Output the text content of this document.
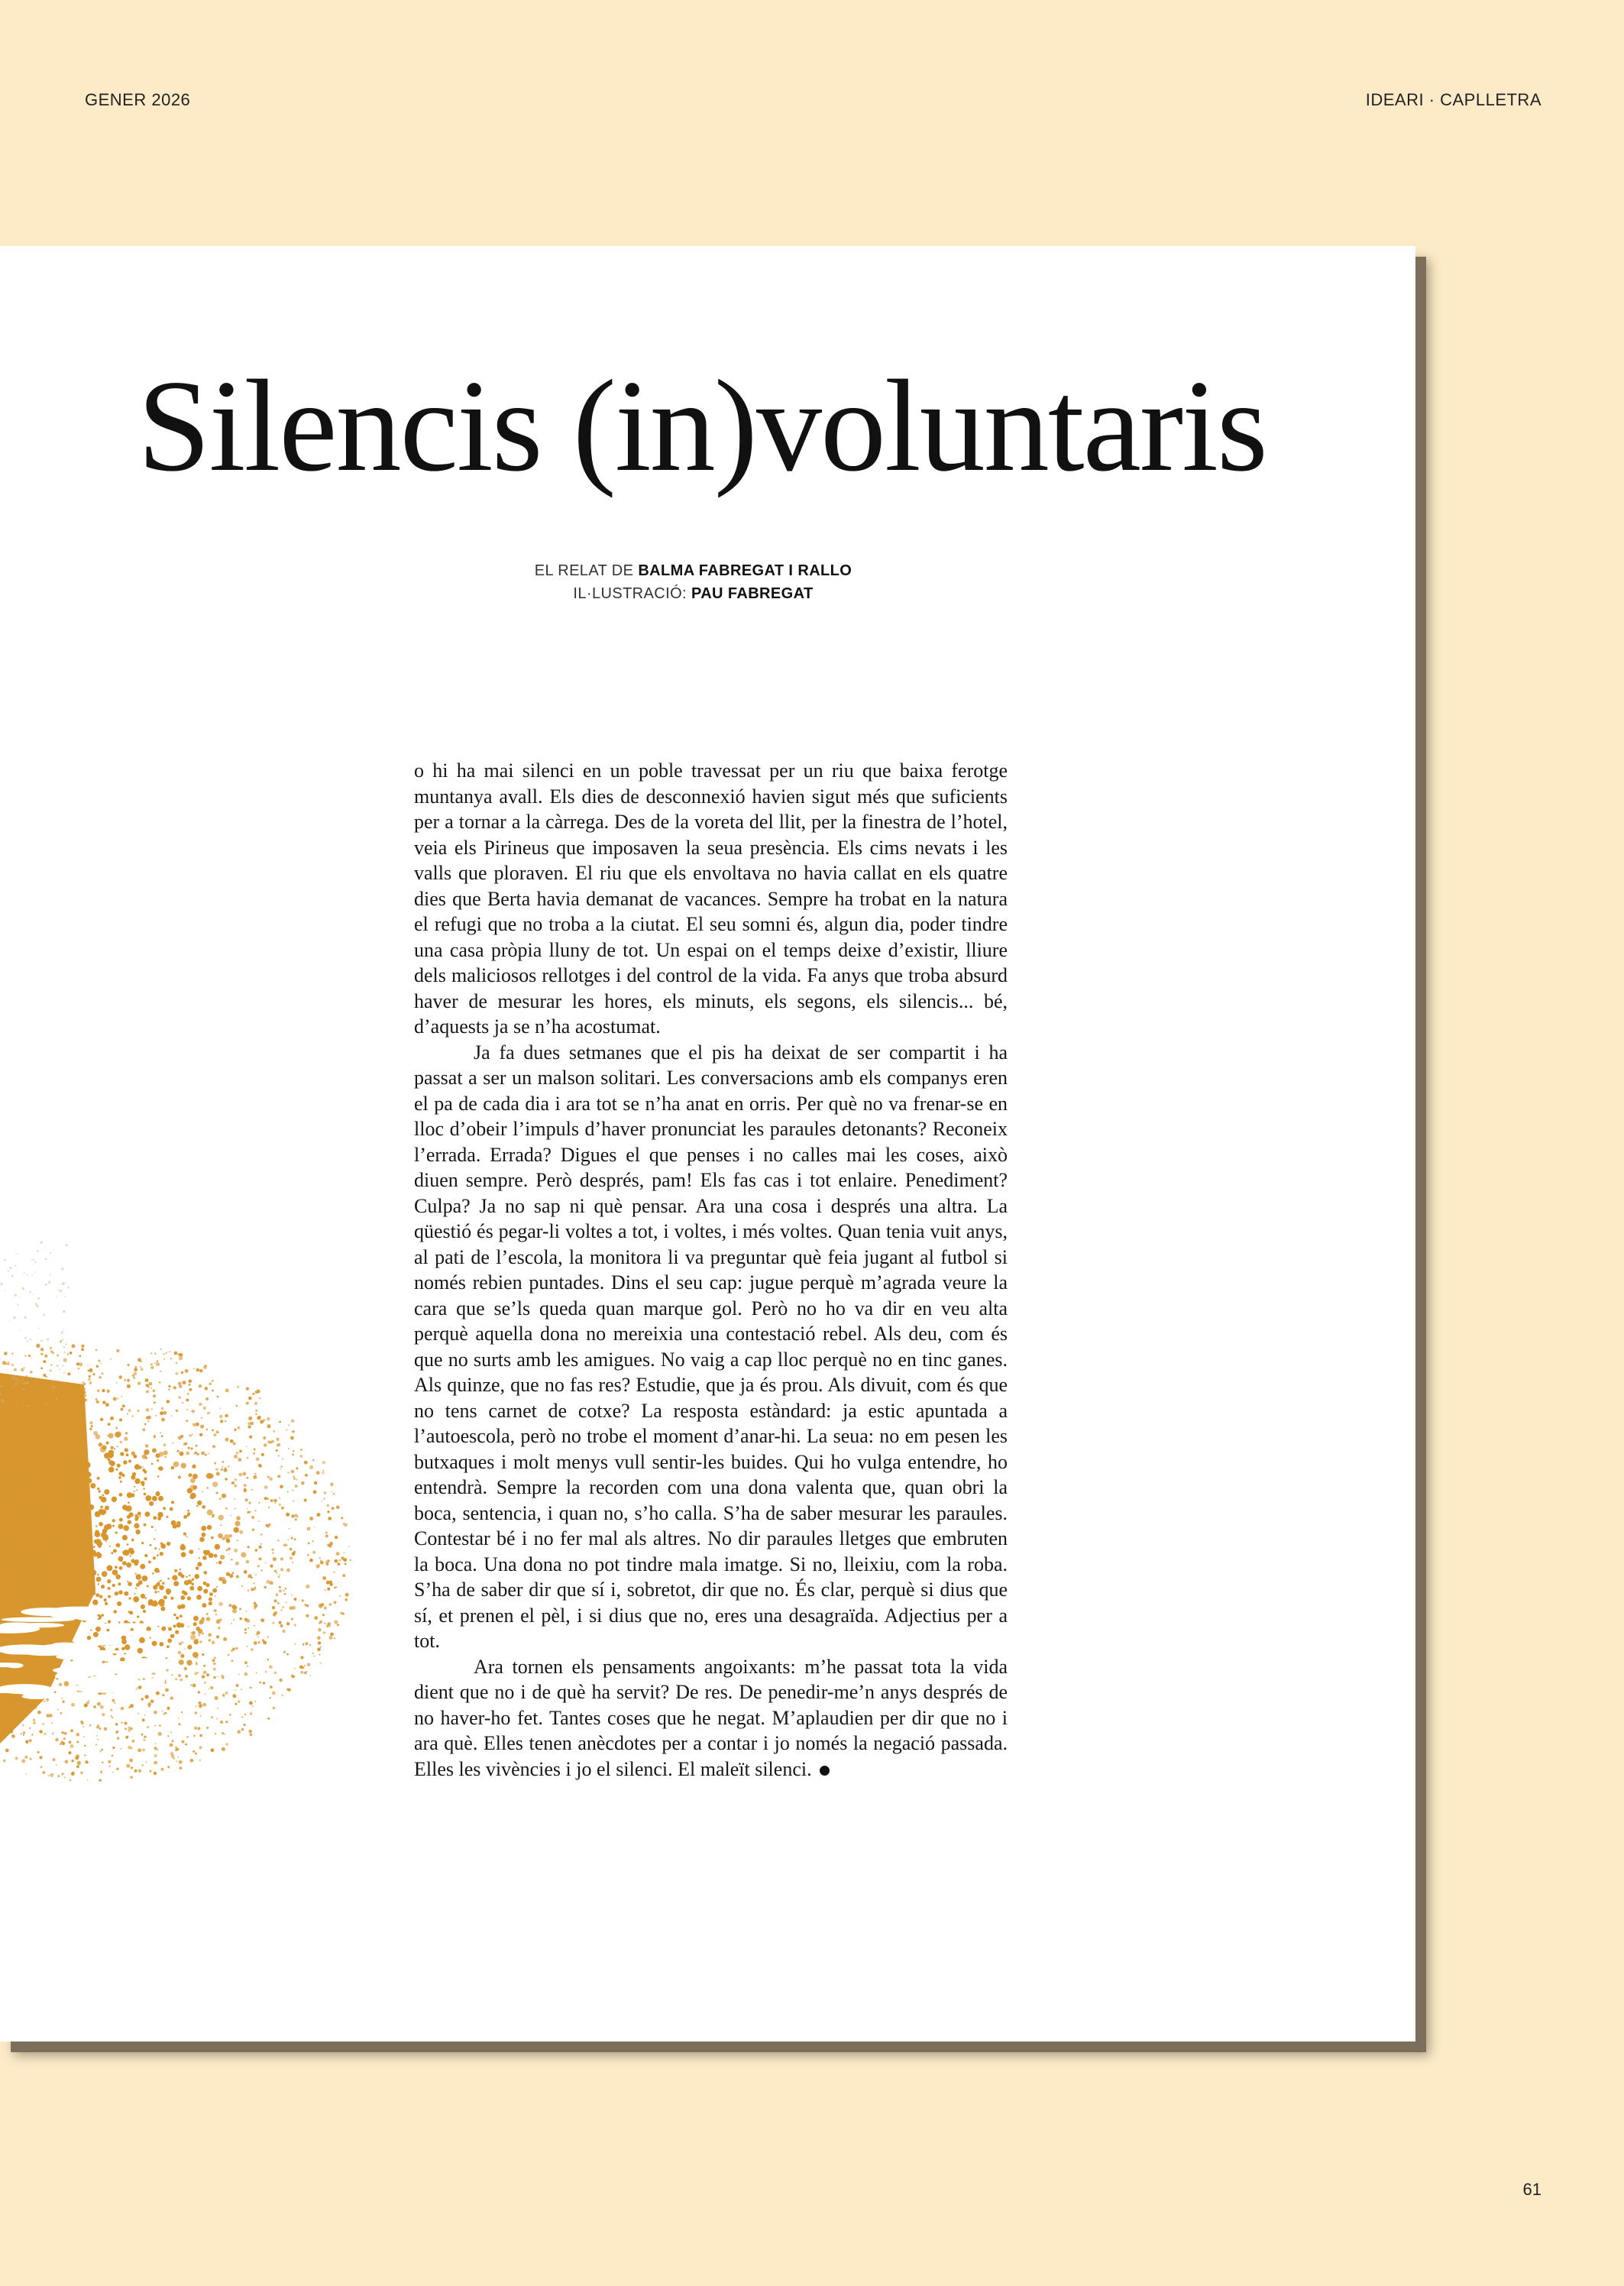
GENER 2026	IDEARI · CAPLLETRA
Silencis (in)voluntaris
EL RELAT DE BALMA FABREGAT I RALLO
IL·LUSTRACIÓ: PAU FABREGAT

o hi ha mai silenci en un poble travessat per un riu que baixa ferotge muntanya avall. Els dies de desconnexió havien sigut més que suficients per a tornar a la càrrega. Des de la voreta del llit, per la finestra de l’hotel, veia els Pirineus que imposaven la seua presència. Els cims nevats i les valls que ploraven. El riu que els envoltava no havia callat en els quatre dies que Berta havia demanat de vacances. Sempre ha trobat en la natura el refugi que no troba a la ciutat. El seu somni és, algun dia, poder tindre una casa pròpia lluny de tot. Un espai on el temps deixe d’existir, lliure dels maliciosos rellotges i del control de la vida. Fa anys que troba absurd haver de mesurar les hores, els minuts, els segons, els silencis... bé, d’aquests ja se n’ha acostumat.

Ja fa dues setmanes que el pis ha deixat de ser compartit i ha passat a ser un malson solitari. Les conversacions amb els companys eren el pa de cada dia i ara tot se n’ha anat en orris. Per què no va frenar-se en lloc d’obeir l’impuls d’haver pronunciat les paraules detonants? Reconeix l’errada. Errada? Digues el que penses i no calles mai les coses, això diuen sempre. Però després, pam! Els fas cas i tot enlaire. Penediment? Culpa? Ja no sap ni què pensar. Ara una cosa i després una altra. La qüestió és pegar-li voltes a tot, i voltes, i més voltes. Quan tenia vuit anys, al pati de l’escola, la monitora li va preguntar què feia jugant al futbol si només rebien puntades. Dins el seu cap: jugue perquè m’agrada veure la cara que se’ls queda quan marque gol. Però no ho va dir en veu alta perquè aquella dona no mereixia una contestació rebel. Als deu, com és que no surts amb les amigues. No vaig a cap lloc perquè no en tinc ganes. Als quinze, que no fas res? Estudie, que ja és prou. Als divuit, com és que no tens carnet de cotxe? La resposta estàndard: ja estic apuntada a l’autoescola, però no trobe el moment d’anar-hi. La seua: no em pesen les butxaques i molt menys vull sentir-les buides. Qui ho vulga entendre, ho entendrà. Sempre la recorden com una dona valenta que, quan obri la boca, sentencia, i quan no, s’ho calla. S’ha de saber mesurar les paraules. Contestar bé i no fer mal als altres. No dir paraules lletges que embruten la boca. Una dona no pot tindre mala imatge. Si no, lleixiu, com la roba. S’ha de saber dir que sí i, sobretot, dir que no. És clar, perquè si dius que sí, et prenen el pèl, i si dius que no, eres una desagraïda. Adjectius per a tot.

Ara tornen els pensaments angoixants: m’he passat tota la vida dient que no i de què ha servit? De res. De penedir-me’n anys després de no haver-ho fet. Tantes coses que he negat. M’aplaudien per dir que no i ara què. Elles tenen anècdotes per a contar i jo només la negació passada. Elles les vivències i jo el silenci. El maleït silenci.

61
